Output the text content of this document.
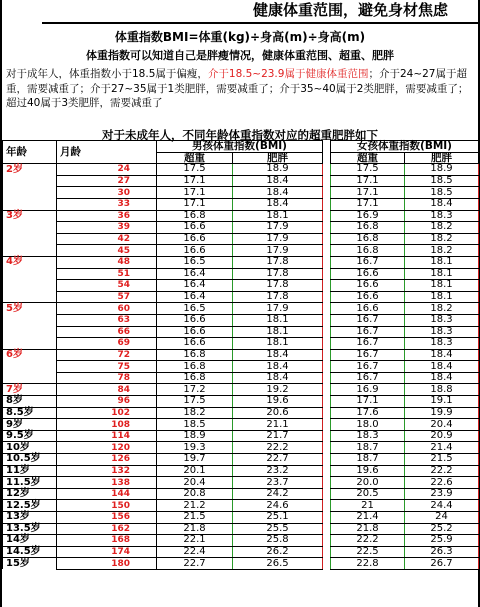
健康体重范围，避免身材焦虑
体重指数BMI=体重(kg)÷身高(m)÷身高(m)
体重指数可以知道自己是胖瘦情况，健康体重范围、超重、肥胖
对于成年人，体重指数小于18.5属于偏瘦，介于18.5~23.9属于健康体重范围；介于24~27属于超重，需要减重了；介于27~35属于1类肥胖，需要减重了；介于35~40属于2类肥胖，需要减重了；超过40属于3类肥胖，需要减重了
对于未成年人，不同年龄体重指数对应的超重肥胖如下
年龄	月龄	男孩体重指数(BMI)			女孩体重指数(BMI)	
		超重	肥胖		超重	肥胖
2岁	24	17.5	18.9		17.5	18.9
	27	17.1	18.4		17.1	18.5
	30	17.1	18.4		17.1	18.5
	33	17.1	18.4		17.1	18.4
3岁	36	16.8	18.1		16.9	18.3
	39	16.6	17.9		16.8	18.2
	42	16.6	17.9		16.8	18.2
	45	16.6	17.9		16.8	18.2
4岁	48	16.5	17.8		16.7	18.1
	51	16.4	17.8		16.6	18.1
	54	16.4	17.8		16.6	18.1
	57	16.4	17.8		16.6	18.1
5岁	60	16.5	17.9		16.6	18.2
	63	16.6	18.1		16.7	18.3
	66	16.6	18.1		16.7	18.3
	69	16.6	18.1		16.7	18.3
6岁	72	16.8	18.4		16.7	18.4
	75	16.8	18.4		16.7	18.4
	78	16.8	18.4		16.7	18.4
7岁	84	17.2	19.2		16.9	18.8
8岁	96	17.5	19.6		17.1	19.1
8.5岁	102	18.2	20.6		17.6	19.9
9岁	108	18.5	21.1		18.0	20.4
9.5岁	114	18.9	21.7		18.3	20.9
10岁	120	19.3	22.2		18.7	21.4
10.5岁	126	19.7	22.7		18.7	21.5
11岁	132	20.1	23.2		19.6	22.2
11.5岁	138	20.4	23.7		20.0	22.6
12岁	144	20.8	24.2		20.5	23.9
12.5岁	150	21.2	24.6		21	24.4
13岁	156	21.5	25.1		21.4	24
13.5岁	162	21.8	25.5		21.8	25.2
14岁	168	22.1	25.8		22.2	25.9
14.5岁	174	22.4	26.2		22.5	26.3
15岁	180	22.7	26.5		22.8	26.7
